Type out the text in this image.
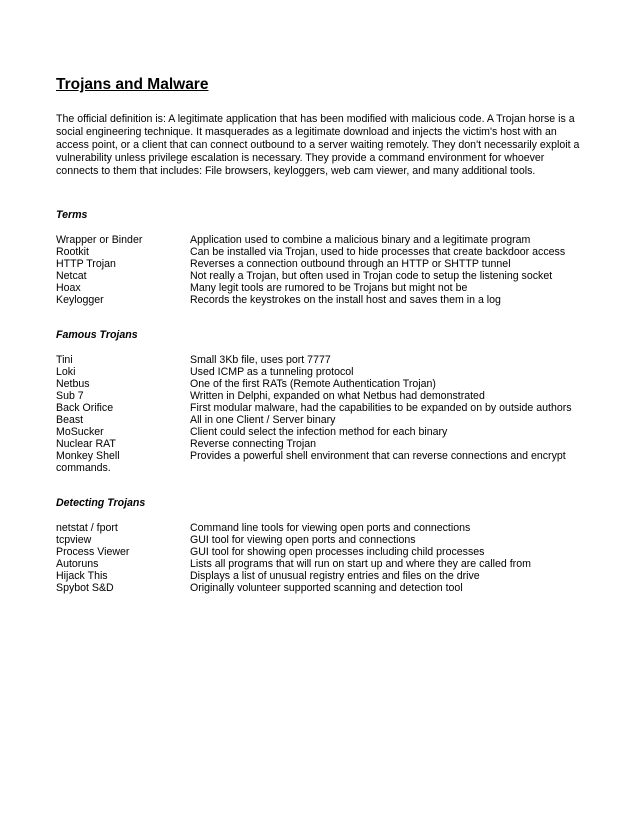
Trojans and Malware

The official definition is: A legitimate application that has been modified with malicious code. A Trojan horse is a
social engineering technique. It masquerades as a legitimate download and injects the victim's host with an
access point, or a client that can connect outbound to a server waiting remotely. They don't necessarily exploit a
vulnerability unless privilege escalation is necessary. They provide a command environment for whoever
connects to them that includes: File browsers, keyloggers, web cam viewer, and many additional tools.

Terms
Wrapper or Binder	Application used to combine a malicious binary and a legitimate program
Rootkit	Can be installed via Trojan, used to hide processes that create backdoor access
HTTP Trojan	Reverses a connection outbound through an HTTP or SHTTP tunnel
Netcat	Not really a Trojan, but often used in Trojan code to setup the listening socket
Hoax	Many legit tools are rumored to be Trojans but might not be
Keylogger	Records the keystrokes on the install host and saves them in a log
Famous Trojans
Tini	Small 3Kb file, uses port 7777
Loki	Used ICMP as a tunneling protocol
Netbus	One of the first RATs (Remote Authentication Trojan)
Sub 7	Written in Delphi, expanded on what Netbus had demonstrated
Back Orifice	First modular malware, had the capabilities to be expanded on by outside authors
Beast	All in one Client / Server binary
MoSucker	Client could select the infection method for each binary
Nuclear RAT	Reverse connecting Trojan
Monkey Shell	Provides a powerful shell environment that can reverse connections and encrypt
commands.
Detecting Trojans
netstat / fport	Command line tools for viewing open ports and connections
tcpview	GUI tool for viewing open ports and connections
Process Viewer	GUI tool for showing open processes including child processes
Autoruns	Lists all programs that will run on start up and where they are called from
Hijack This	Displays a list of unusual registry entries and files on the drive
Spybot S&D	Originally volunteer supported scanning and detection tool
